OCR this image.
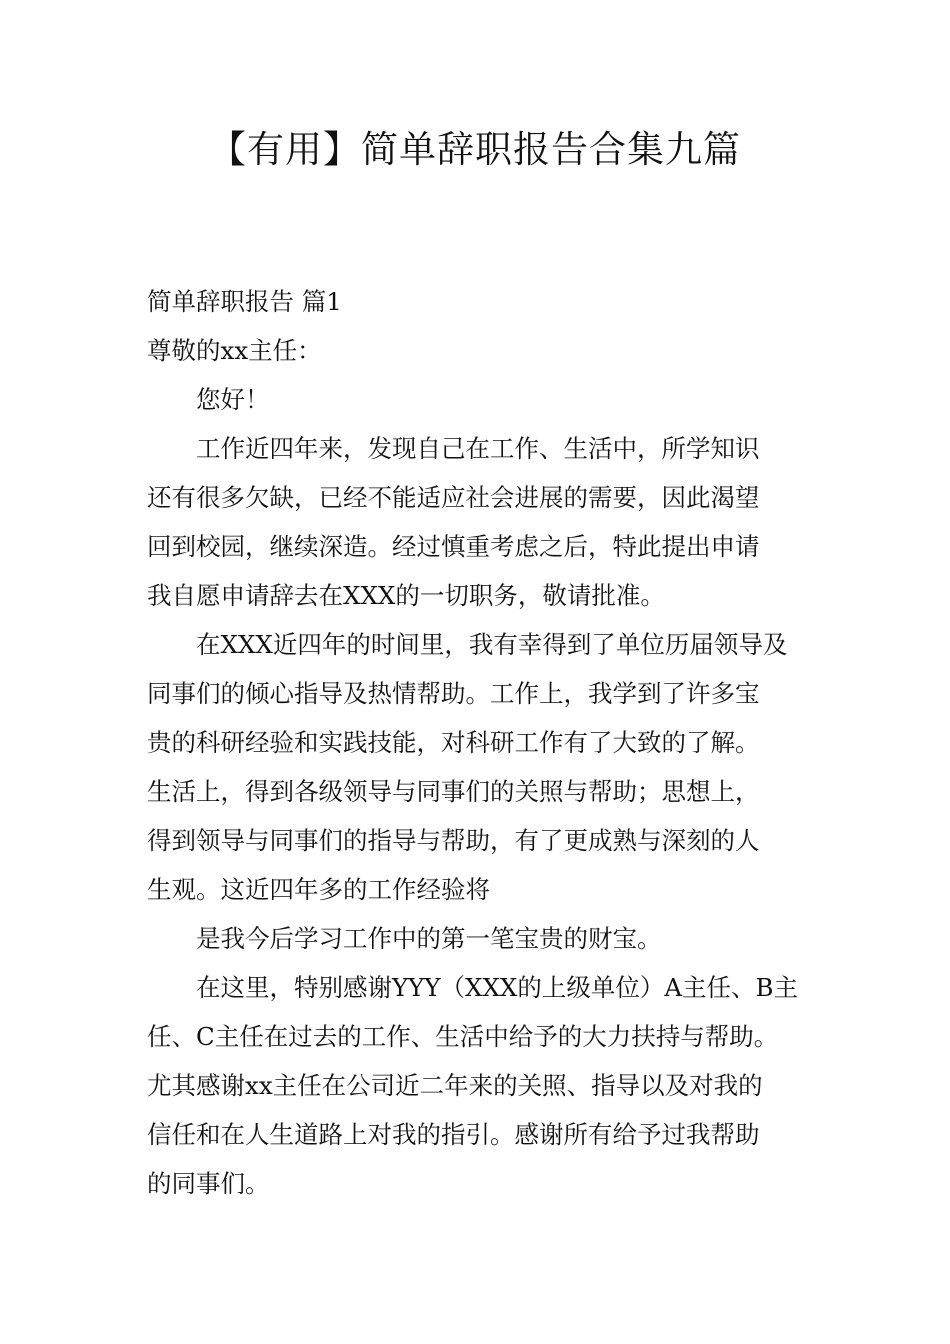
【有用】简单辞职报告合集九篇

简单辞职报告 篇1

尊敬的xx主任：

您好！

工作近四年来，发现自己在工作、生活中，所学知识
还有很多欠缺，已经不能适应社会进展的需要，因此渴望
回到校园，继续深造。经过慎重考虑之后，特此提出申请
我自愿申请辞去在XXX的一切职务，敬请批准。

在XXX近四年的时间里，我有幸得到了单位历届领导及
同事们的倾心指导及热情帮助。工作上，我学到了许多宝
贵的科研经验和实践技能，对科研工作有了大致的了解。
生活上，得到各级领导与同事们的关照与帮助；思想上，
得到领导与同事们的指导与帮助，有了更成熟与深刻的人
生观。这近四年多的工作经验将

是我今后学习工作中的第一笔宝贵的财宝。

在这里，特别感谢YYY（XXX的上级单位）A主任、B主
任、C主任在过去的工作、生活中给予的大力扶持与帮助。
尤其感谢xx主任在公司近二年来的关照、指导以及对我的
信任和在人生道路上对我的指引。感谢所有给予过我帮助
的同事们。
